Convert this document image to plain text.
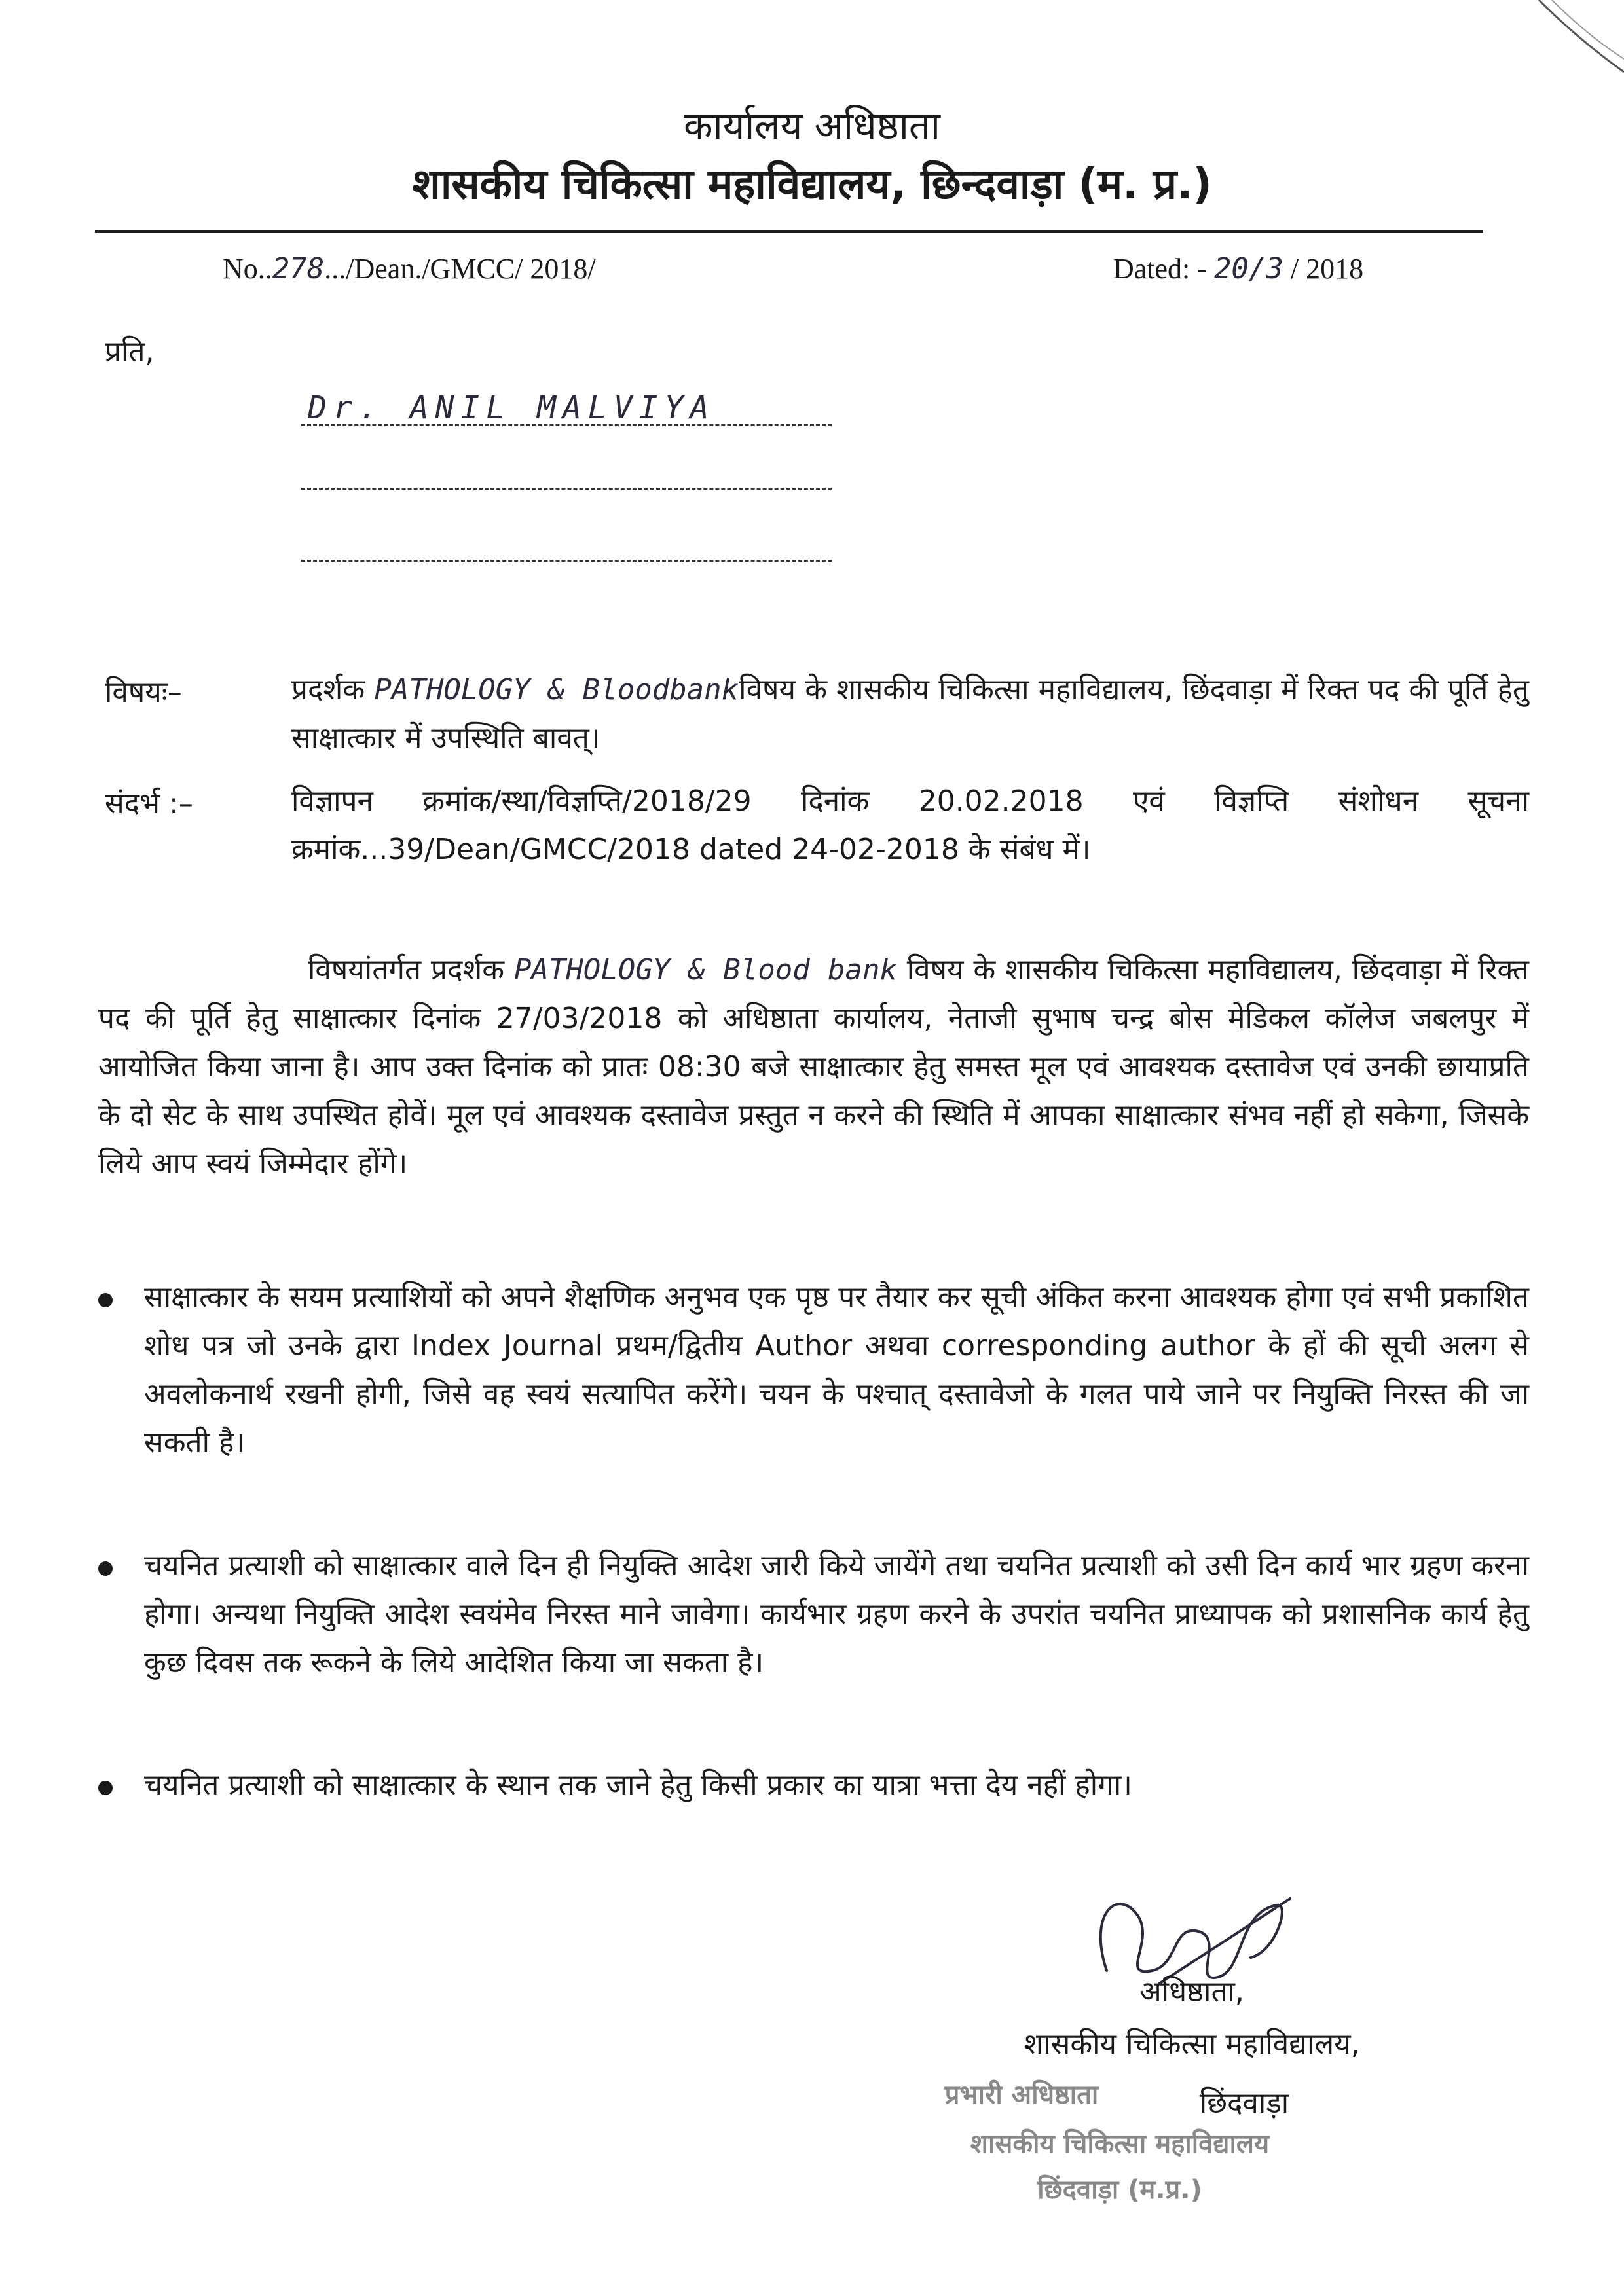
कार्यालय अधिष्ठाता
शासकीय चिकित्सा महाविद्यालय, छिन्दवाड़ा (म. प्र.)
No..278.../Dean./GMCC/ 2018/	Dated: - 20/3 / 2018
प्रति,
Dr. ANIL MALVIYA
विषयः–	प्रदर्शक PATHOLOGY & Bloodbankविषय के शासकीय चिकित्सा महाविद्यालय, छिंदवाड़ा में रिक्त पद की पूर्ति हेतु साक्षात्कार में उपस्थिति बावत्।
संदर्भ :–	विज्ञापन क्रमांक/स्था/विज्ञप्ति/2018/29 दिनांक 20.02.2018 एवं विज्ञप्ति संशोधन सूचना क्रमांक...39/Dean/GMCC/2018 dated 24-02-2018 के संबंध में।
विषयांतर्गत प्रदर्शक PATHOLOGY & Blood bank विषय के शासकीय चिकित्सा महाविद्यालय, छिंदवाड़ा में रिक्त पद की पूर्ति हेतु साक्षात्कार दिनांक 27/03/2018 को अधिष्ठाता कार्यालय, नेताजी सुभाष चन्द्र बोस मेडिकल कॉलेज जबलपुर में आयोजित किया जाना है। आप उक्त दिनांक को प्रातः 08:30 बजे साक्षात्कार हेतु समस्त मूल एवं आवश्यक दस्तावेज एवं उनकी छायाप्रति के दो सेट के साथ उपस्थित होवें। मूल एवं आवश्यक दस्तावेज प्रस्तुत न करने की स्थिति में आपका साक्षात्कार संभव नहीं हो सकेगा, जिसके लिये आप स्वयं जिम्मेदार होंगे।
साक्षात्कार के सयम प्रत्याशियों को अपने शैक्षणिक अनुभव एक पृष्ठ पर तैयार कर सूची अंकित करना आवश्यक होगा एवं सभी प्रकाशित शोध पत्र जो उनके द्वारा Index Journal प्रथम/द्वितीय Author अथवा corresponding author के हों की सूची अलग से अवलोकनार्थ रखनी होगी, जिसे वह स्वयं सत्यापित करेंगे। चयन के पश्चात् दस्तावेजो के गलत पाये जाने पर नियुक्ति निरस्त की जा सकती है।
चयनित प्रत्याशी को साक्षात्कार वाले दिन ही नियुक्ति आदेश जारी किये जायेंगे तथा चयनित प्रत्याशी को उसी दिन कार्य भार ग्रहण करना होगा। अन्यथा नियुक्ति आदेश स्वयंमेव निरस्त माने जावेगा। कार्यभार ग्रहण करने के उपरांत चयनित प्राध्यापक को प्रशासनिक कार्य हेतु कुछ दिवस तक रूकने के लिये आदेशित किया जा सकता है।
चयनित प्रत्याशी को साक्षात्कार के स्थान तक जाने हेतु किसी प्रकार का यात्रा भत्ता देय नहीं होगा।
अधिष्ठाता,
शासकीय चिकित्सा महाविद्यालय,
छिंदवाड़ा
प्रभारी अधिष्ठाता
शासकीय चिकित्सा महाविद्यालय
छिंदवाड़ा (म.प्र.)
